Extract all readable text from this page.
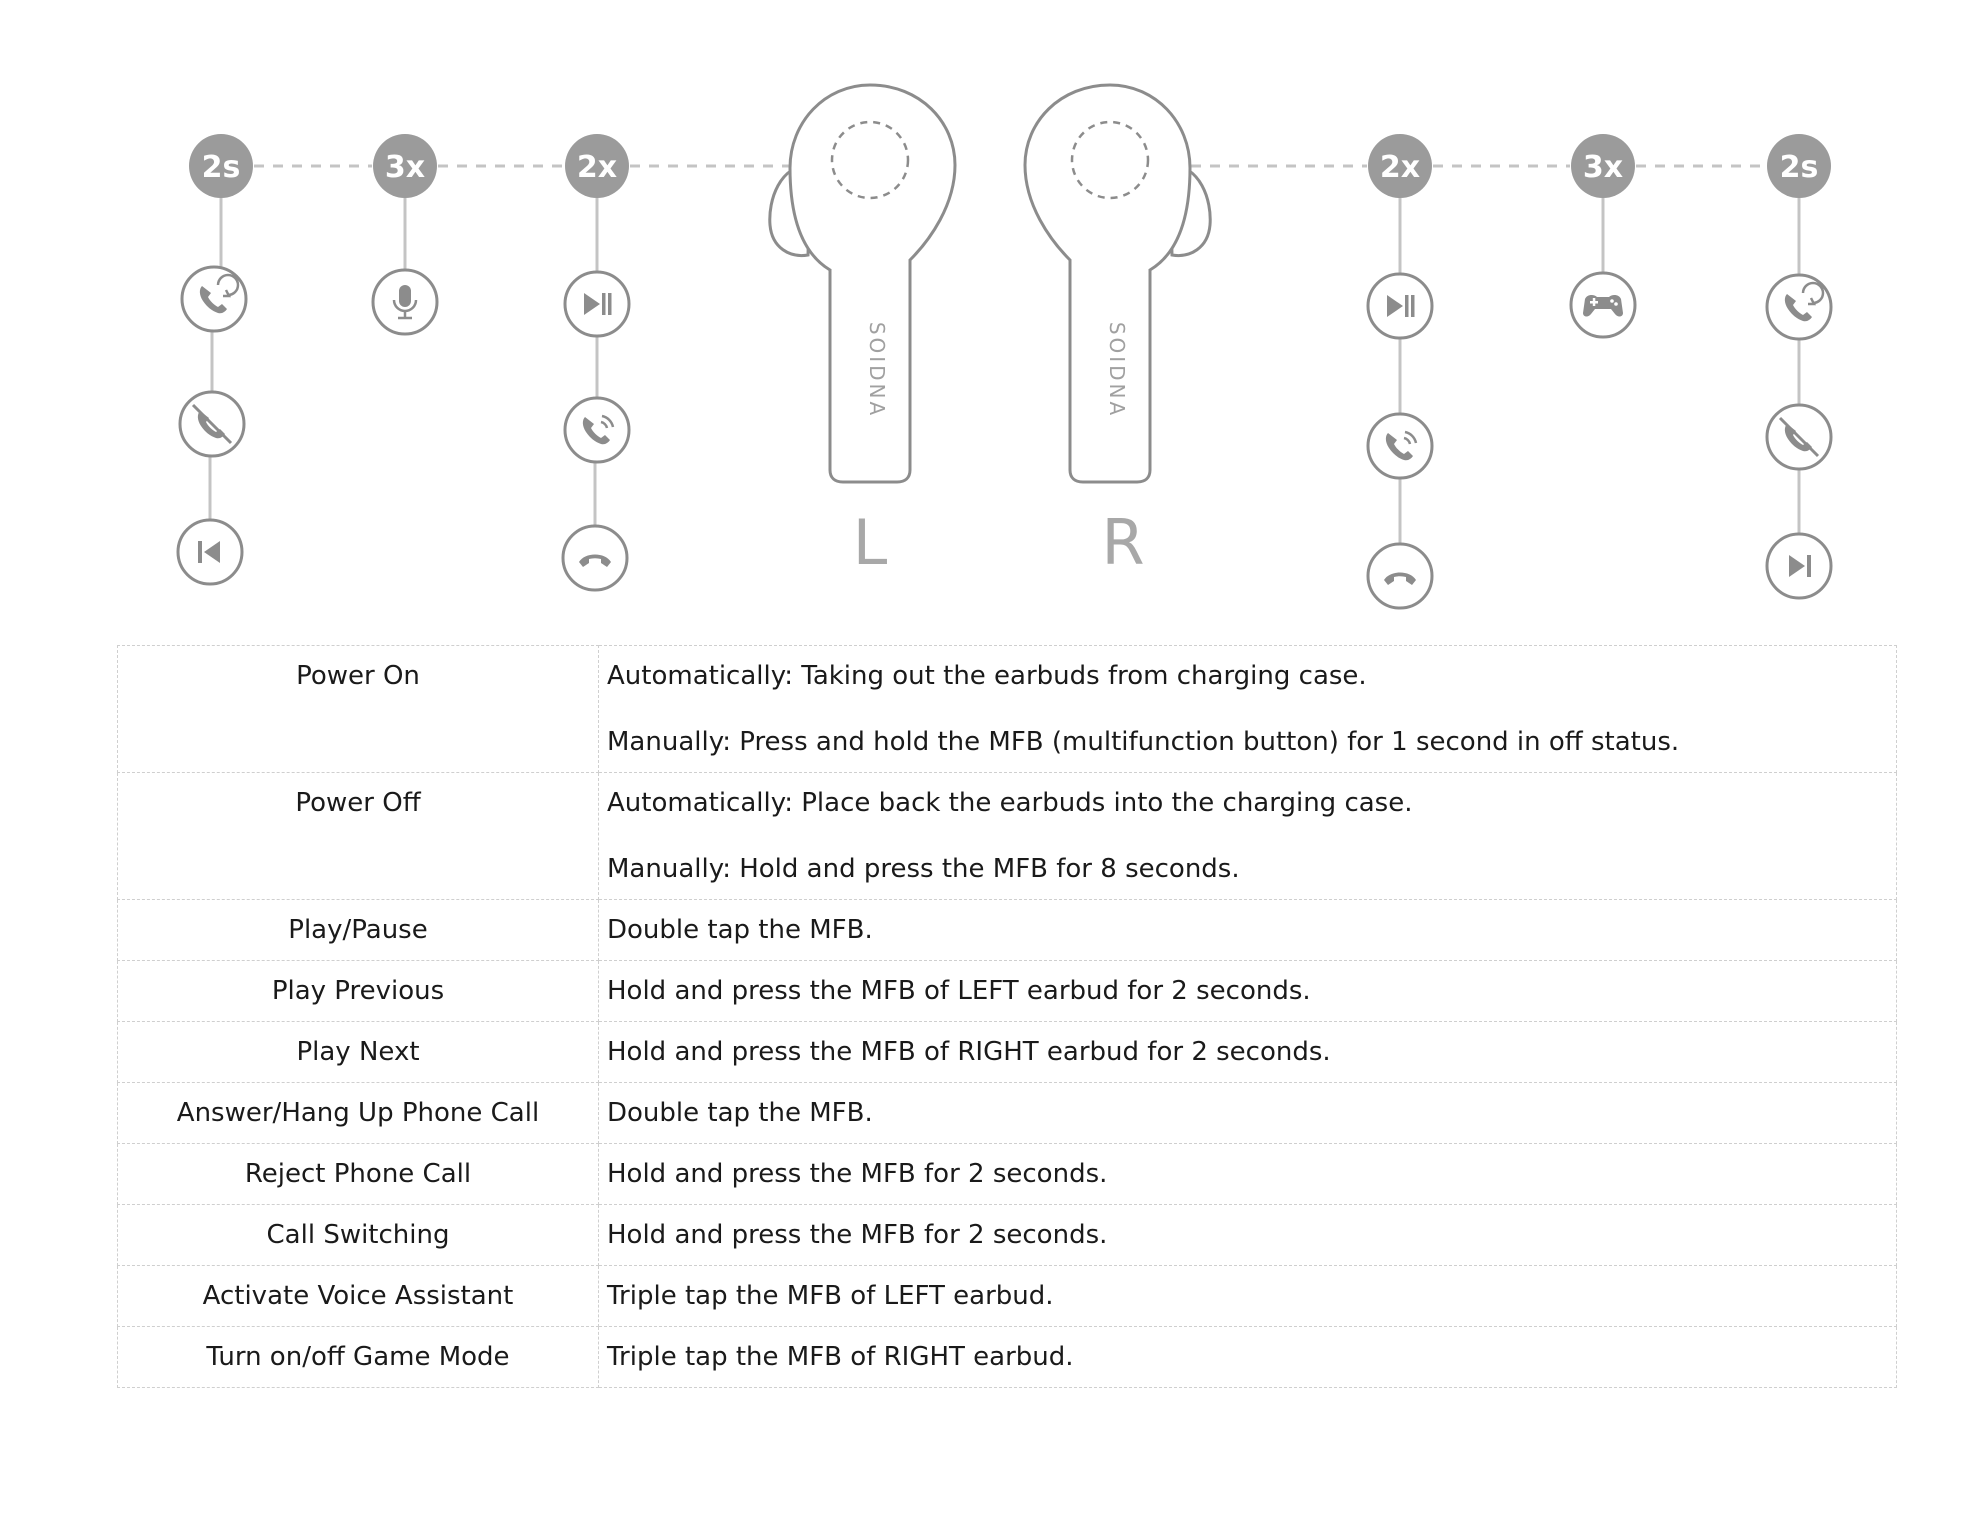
2s	3x	2x	2x	3x	2s
SOIDNA	SOIDNA
L	R
Power On	Automatically: Taking out the earbuds from charging case.
Manually: Press and hold the MFB (multifunction button) for 1 second in off status.

Power Off	Automatically: Place back the earbuds into the charging case.
Manually: Hold and press the MFB for 8 seconds.

Play/Pause	Double tap the MFB.

Play Previous	Hold and press the MFB of LEFT earbud for 2 seconds.

Play Next	Hold and press the MFB of RIGHT earbud for 2 seconds.

Answer/Hang Up Phone Call	Double tap the MFB.

Reject Phone Call	Hold and press the MFB for 2 seconds.

Call Switching	Hold and press the MFB for 2 seconds.

Activate Voice Assistant	Triple tap the MFB of LEFT earbud.

Turn on/off Game Mode	Triple tap the MFB of RIGHT earbud.
